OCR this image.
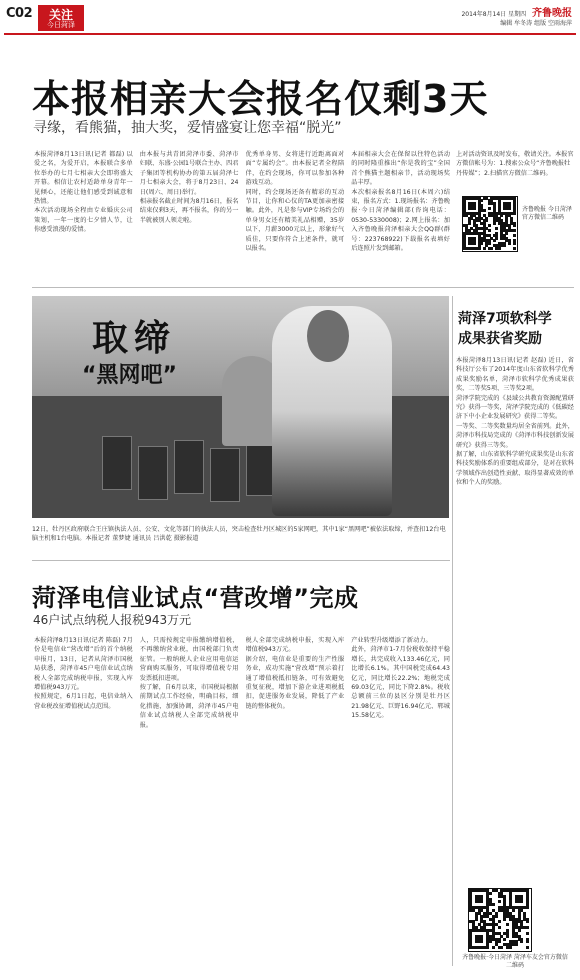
C02	关注
今日菏泽
2014年8月14日 星期四 齐鲁晚报
编辑 牟冬涛 组版 空雨海萍
本报相亲大会报名仅剩3天
寻缘，看熊猫，抽大奖，爱情盛宴让您幸福“脱光”
本报菏泽8月13日讯(记者 都磊) 以爱之名，为爱开启，本报联合多单位举办的七月七相亲大会即将盛大开幕。相信让农村适龄单身青年一见倾心，还能让他们感受到诚意和热情。
本次活动现场全程由专业婚庆公司策划，一年一度的七夕情人节，让你感受浪漫的爱情。
由本报与共青团菏泽市委、菏泽市妇联、东盛·公园1号联合主办、四君子集团等机构协办的第五届菏泽七月七相亲大会，将于8月23日、24日(周六、周日)举行。
相亲报名截止时间为8月16日，报名结束仅剩3天，再不报名，你的另一半就被别人领走啦。
优秀单身男、女将进行近距离面对面“专属约会”。由本报记者全程陪伴，在约会现场，你可以参加各种游戏互动。
同时，约会现场还备有精彩的互动节目，让你和心仪的TA更加亲密接触。此外，凡是参与VIP专场约会的单身男女还有精美礼品相赠，35岁以下，月薪3000元以上，形象好气质佳，只要你符合上述条件，就可以报名。
本届相亲大会在保留以往特色活动的同时隆重推出“你是我的宝”全国首个熊猫主题相亲节，活动现场奖品丰厚。
本次相亲报名8月16日(本周六)结束，报名方式：1.现场报名：齐鲁晚报·今日菏泽编辑部(咨询电话：0530-5330008)；2.网上报名：加入齐鲁晚报菏泽相亲大会QQ群(群号：223768922)下载报名表填好后连照片发到邮箱。
上对活动资讯及时发布，敬请关注。本报官方微信帐号为：1.搜索公众号“齐鲁晚报牡丹传媒”；2.扫描官方微信二维码。
齐鲁晚报 今日菏泽 官方微信二维码
取缔
“黑网吧”
12日，牡丹区政府联合王庄镇执法人员、公安、文化等部门的执法人员，突击检查牡丹区城区的5家网吧，其中1家“黑网吧”被依法取缔，并查扣12台电脑主机和1台电脑。本报记者 董梦婕 通讯员 吕洪乾 摄影报道
菏泽7项软科学
成果获省奖励
本报菏泽8月13日讯(记者 赵磊) 近日，省科技厅公布了2014年度山东省软科学优秀成果奖励名单，菏泽市软科学优秀成果获奖，二等奖5项、三等奖2项。
菏泽学院完成的《县域公共教育资源配置研究》获得一等奖，菏泽学院完成的《低碳经济下中小企业发展研究》获得二等奖。
一等奖、二等奖数量均居全省前列。此外，菏泽市科技局完成的《菏泽市科技创新发展研究》获得三等奖。
据了解，山东省软科学研究成果奖是山东省科技奖励体系的重要组成部分，是对在软科学领域作出创造性贡献、取得显著成效的单位和个人的奖励。
齐鲁晚报·今日菏泽 菏泽车友会官方微信二维码
菏泽电信业试点“营改增”完成
46户试点纳税人报税943万元
本报菏泽8月13日讯(记者 陈磊) 7月份是电信业“营改增”后的首个纳税申报月，13日，记者从菏泽市国税局获悉，菏泽市45户电信业试点纳税人全部完成纳税申报，实现入库增值税943万元。
按照规定，6月1日起，电信业纳入营业税改征增值税试点范围。
人，只需按规定申报缴纳增值税，不再缴纳营业税，由国税部门负责征管。一般纳税人企业应用电信运营商购买服务，可取得增值税专用发票抵扣进项。
按了解，自6月以来，市国税局根据前期试点工作经验，明确目标，细化措施，加强协调，菏泽市45户电信业试点纳税人全部完成纳税申报。
税人全部完成纳税申报，实现入库增值税943万元。
据介绍，电信业是重要的生产性服务业，成功实施“营改增”预示着打通了增值税抵扣链条，可有效避免重复征税，增加下游企业进项税抵扣，促进服务业发展，降低了产业链的整体税负。
产业转型升级增添了新动力。
此外，菏泽市1-7月份税收保持平稳增长，共完成收入133.46亿元，同比增长6.1%。其中国税完成64.43亿元，同比增长22.2%；地税完成69.03亿元，同比下降2.8%。税收总额前三位的县区分别是牡丹区21.98亿元、巨野16.94亿元、郓城15.58亿元。
